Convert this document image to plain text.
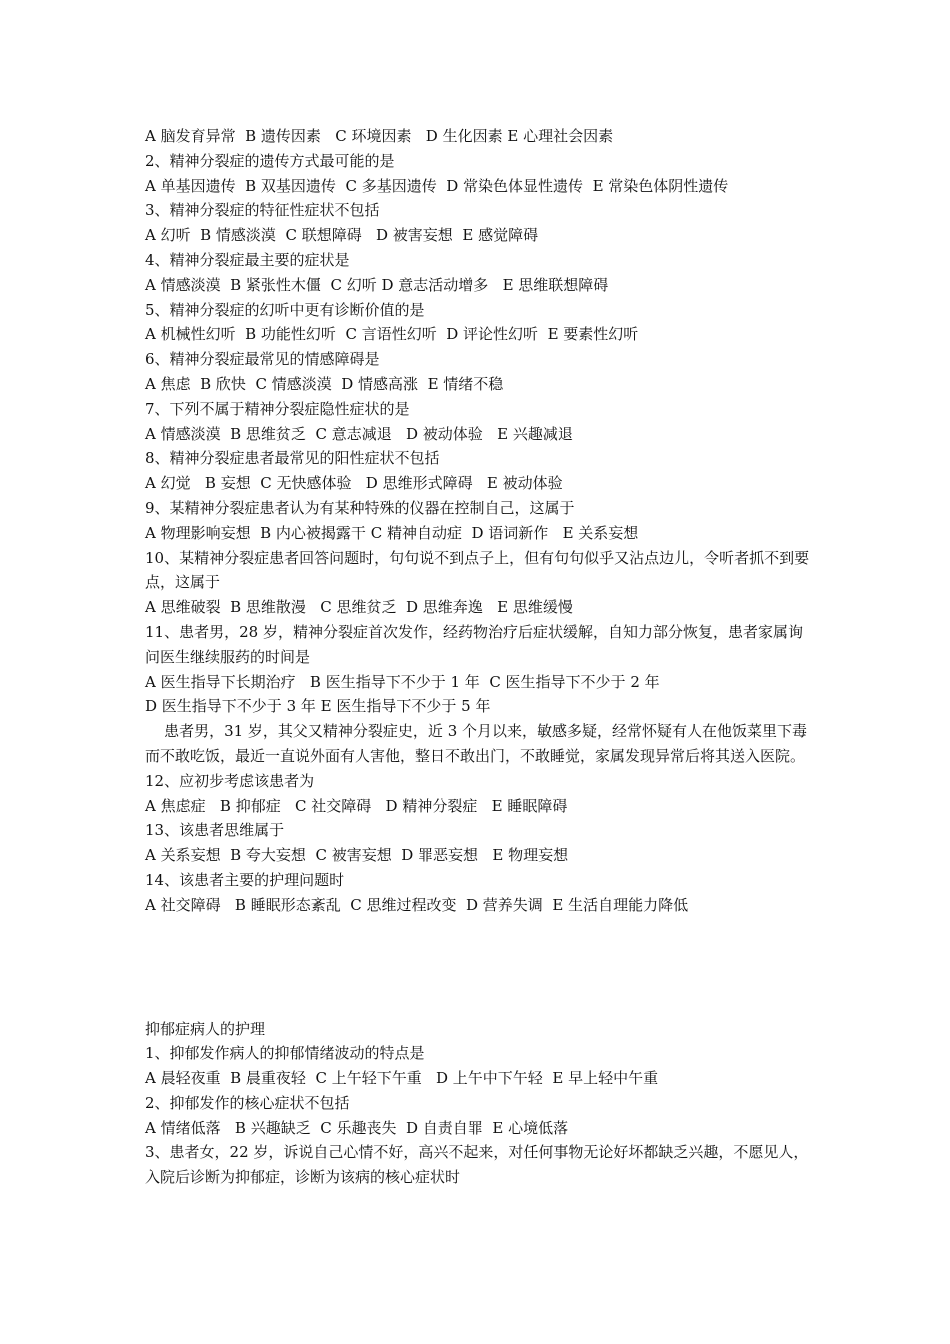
A 脑发育异常  B 遗传因素   C 环境因素   D 生化因素 E 心理社会因素
2、精神分裂症的遗传方式最可能的是
A 单基因遗传  B 双基因遗传  C 多基因遗传  D 常染色体显性遗传  E 常染色体阴性遗传
3、精神分裂症的特征性症状不包括
A 幻听  B 情感淡漠  C 联想障碍   D 被害妄想  E 感觉障碍
4、精神分裂症最主要的症状是
A 情感淡漠  B 紧张性木僵  C 幻听 D 意志活动增多   E 思维联想障碍
5、精神分裂症的幻听中更有诊断价值的是
A 机械性幻听  B 功能性幻听  C 言语性幻听  D 评论性幻听  E 要素性幻听
6、精神分裂症最常见的情感障碍是
A 焦虑  B 欣快  C 情感淡漠  D 情感高涨  E 情绪不稳
7、下列不属于精神分裂症隐性症状的是
A 情感淡漠  B 思维贫乏  C 意志减退   D 被动体验   E 兴趣减退
8、精神分裂症患者最常见的阳性症状不包括
A 幻觉   B 妄想  C 无快感体验   D 思维形式障碍   E 被动体验
9、某精神分裂症患者认为有某种特殊的仪器在控制自己，这属于
A 物理影响妄想  B 内心被揭露干 C 精神自动症  D 语词新作   E 关系妄想
10、某精神分裂症患者回答问题时，句句说不到点子上，但有句句似乎又沾点边儿，令听者抓不到要点，这属于
A 思维破裂  B 思维散漫   C 思维贫乏  D 思维奔逸   E 思维缓慢
11、患者男，28 岁，精神分裂症首次发作，经药物治疗后症状缓解，自知力部分恢复，患者家属询问医生继续服药的时间是
A 医生指导下长期治疗   B 医生指导下不少于 1 年  C 医生指导下不少于 2 年
D 医生指导下不少于 3 年 E 医生指导下不少于 5 年
患者男，31 岁，其父又精神分裂症史，近 3 个月以来，敏感多疑，经常怀疑有人在他饭菜里下毒而不敢吃饭，最近一直说外面有人害他，整日不敢出门，不敢睡觉，家属发现异常后将其送入医院。
12、应初步考虑该患者为
A 焦虑症   B 抑郁症   C 社交障碍   D 精神分裂症   E 睡眠障碍
13、该患者思维属于
A 关系妄想  B 夸大妄想  C 被害妄想  D 罪恶妄想   E 物理妄想
14、该患者主要的护理问题时
A 社交障碍   B 睡眠形态紊乱  C 思维过程改变  D 营养失调  E 生活自理能力降低
抑郁症病人的护理
1、抑郁发作病人的抑郁情绪波动的特点是
A 晨轻夜重  B 晨重夜轻  C 上午轻下午重   D 上午中下午轻  E 早上轻中午重
2、抑郁发作的核心症状不包括
A 情绪低落   B 兴趣缺乏  C 乐趣丧失  D 自责自罪  E 心境低落
3、患者女，22 岁，诉说自己心情不好，高兴不起来，对任何事物无论好坏都缺乏兴趣，不愿见人，入院后诊断为抑郁症，诊断为该病的核心症状时
